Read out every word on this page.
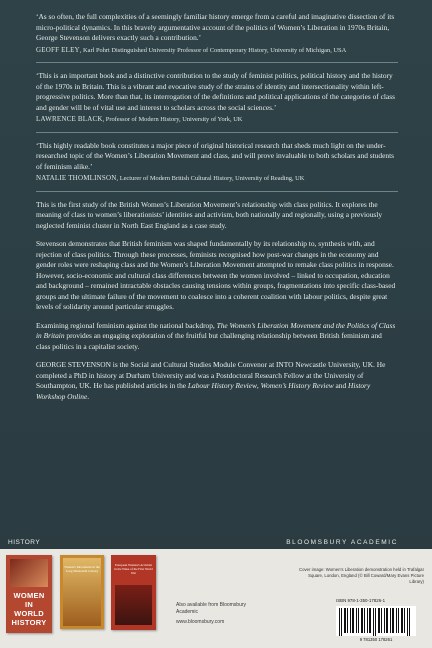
‘As so often, the full complexities of a seemingly familiar history emerge from a careful and imaginative dissection of its micro-political dynamics. In this bravely argumentative account of the politics of Women’s Liberation in 1970s Britain, George Stevenson delivers exactly such a contribution.’

GEOFF ELEY, Karl Pohrt Distinguished University Professor of Contemporary History, University of Michigan, USA

‘This is an important book and a distinctive contribution to the study of feminist politics, political history and the history of the 1970s in Britain. This is a vibrant and evocative study of the strains of identity and intersectionality within left-progressive politics. More than that, its interrogation of the definitions and political applications of the categories of class and gender will be of vital use and interest to scholars across the social sciences.’

LAWRENCE BLACK, Professor of Modern History, University of York, UK

‘This highly readable book constitutes a major piece of original historical research that sheds much light on the under-researched topic of the Women’s Liberation Movement and class, and will prove invaluable to both scholars and students of feminism alike.’

NATALIE THOMLINSON, Lecturer of Modern British Cultural History, University of Reading, UK

This is the first study of the British Women’s Liberation Movement’s relationship with class politics. It explores the meaning of class to women’s liberationists’ identities and activism, both nationally and regionally, using a previously neglected feminist cluster in North East England as a case study.

Stevenson demonstrates that British feminism was shaped fundamentally by its relationship to, synthesis with, and rejection of class politics. Through these processes, feminists recognised how post-war changes in the economy and gender roles were reshaping class and the Women’s Liberation Movement attempted to remake class politics in response. However, socio-economic and cultural class differences between the women involved – linked to occupation, education and background – remained intractable obstacles causing tensions within groups, fragmentations into specific class-based groups and the ultimate failure of the movement to coalesce into a coherent coalition with labour politics, despite great levels of solidarity around particular struggles.

Examining regional feminism against the national backdrop, The Women’s Liberation Movement and the Politics of Class in Britain provides an engaging exploration of the fruitful but challenging relationship between British feminism and class politics in a capitalist society.

GEORGE STEVENSON is the Social and Cultural Studies Module Convenor at INTO Newcastle University, UK. He completed a PhD in history at Durham University and was a Postdoctoral Research Fellow at the University of Southampton, UK. He has published articles in the Labour History Review, Women’s History Review and History Workshop Online.

HISTORY	BLOOMSBURY ACADEMIC
WOMEN IN WORLD HISTORY
Women's Movements in the Long Nineteenth Century
European Women's Activism in the Wake of the First World War
Also available from Bloomsbury Academic
www.bloomsbury.com
Cover image: Women’s Liberation demonstration held in Trafalgar Square, London, England (© Bill Coward/Mary Evans Picture Library)
ISBN 978-1-350-17826-1
9 781350 178261
